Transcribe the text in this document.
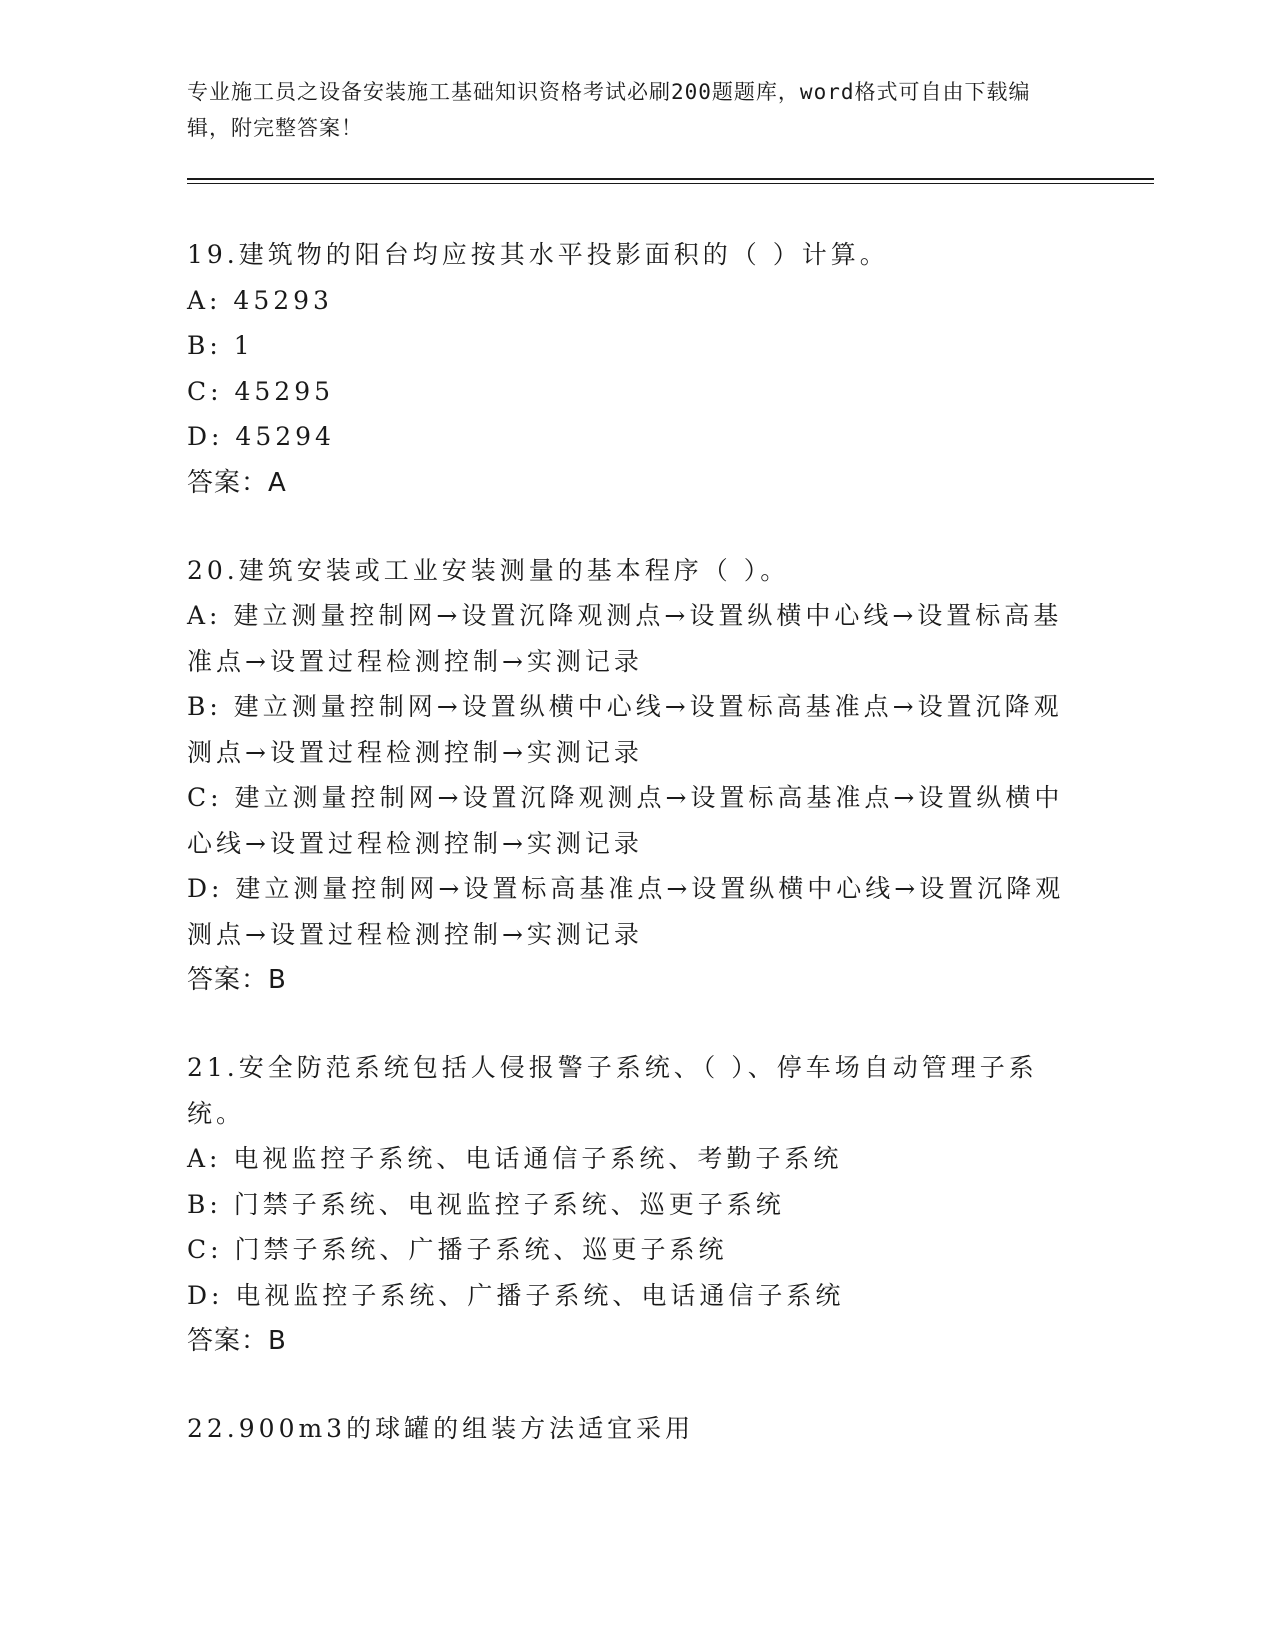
专业施工员之设备安装施工基础知识资格考试必刷200题题库，word格式可自由下载编辑，附完整答案！

19.建筑物的阳台均应按其水平投影面积的（ ）计算。

A: 45293

B: 1

C: 45295

D: 45294

答案：A

20.建筑安装或工业安装测量的基本程序（ ）。

A: 建立测量控制网→设置沉降观测点→设置纵横中心线→设置标高基准点→设置过程检测控制→实测记录

B: 建立测量控制网→设置纵横中心线→设置标高基准点→设置沉降观测点→设置过程检测控制→实测记录

C: 建立测量控制网→设置沉降观测点→设置标高基准点→设置纵横中心线→设置过程检测控制→实测记录

D: 建立测量控制网→设置标高基准点→设置纵横中心线→设置沉降观测点→设置过程检测控制→实测记录

答案：B

21.安全防范系统包括人侵报警子系统、（ ）、停车场自动管理子系统。

A: 电视监控子系统、电话通信子系统、考勤子系统

B: 门禁子系统、电视监控子系统、巡更子系统

C: 门禁子系统、广播子系统、巡更子系统

D: 电视监控子系统、广播子系统、电话通信子系统

答案：B

22.900m3的球罐的组装方法适宜采用
